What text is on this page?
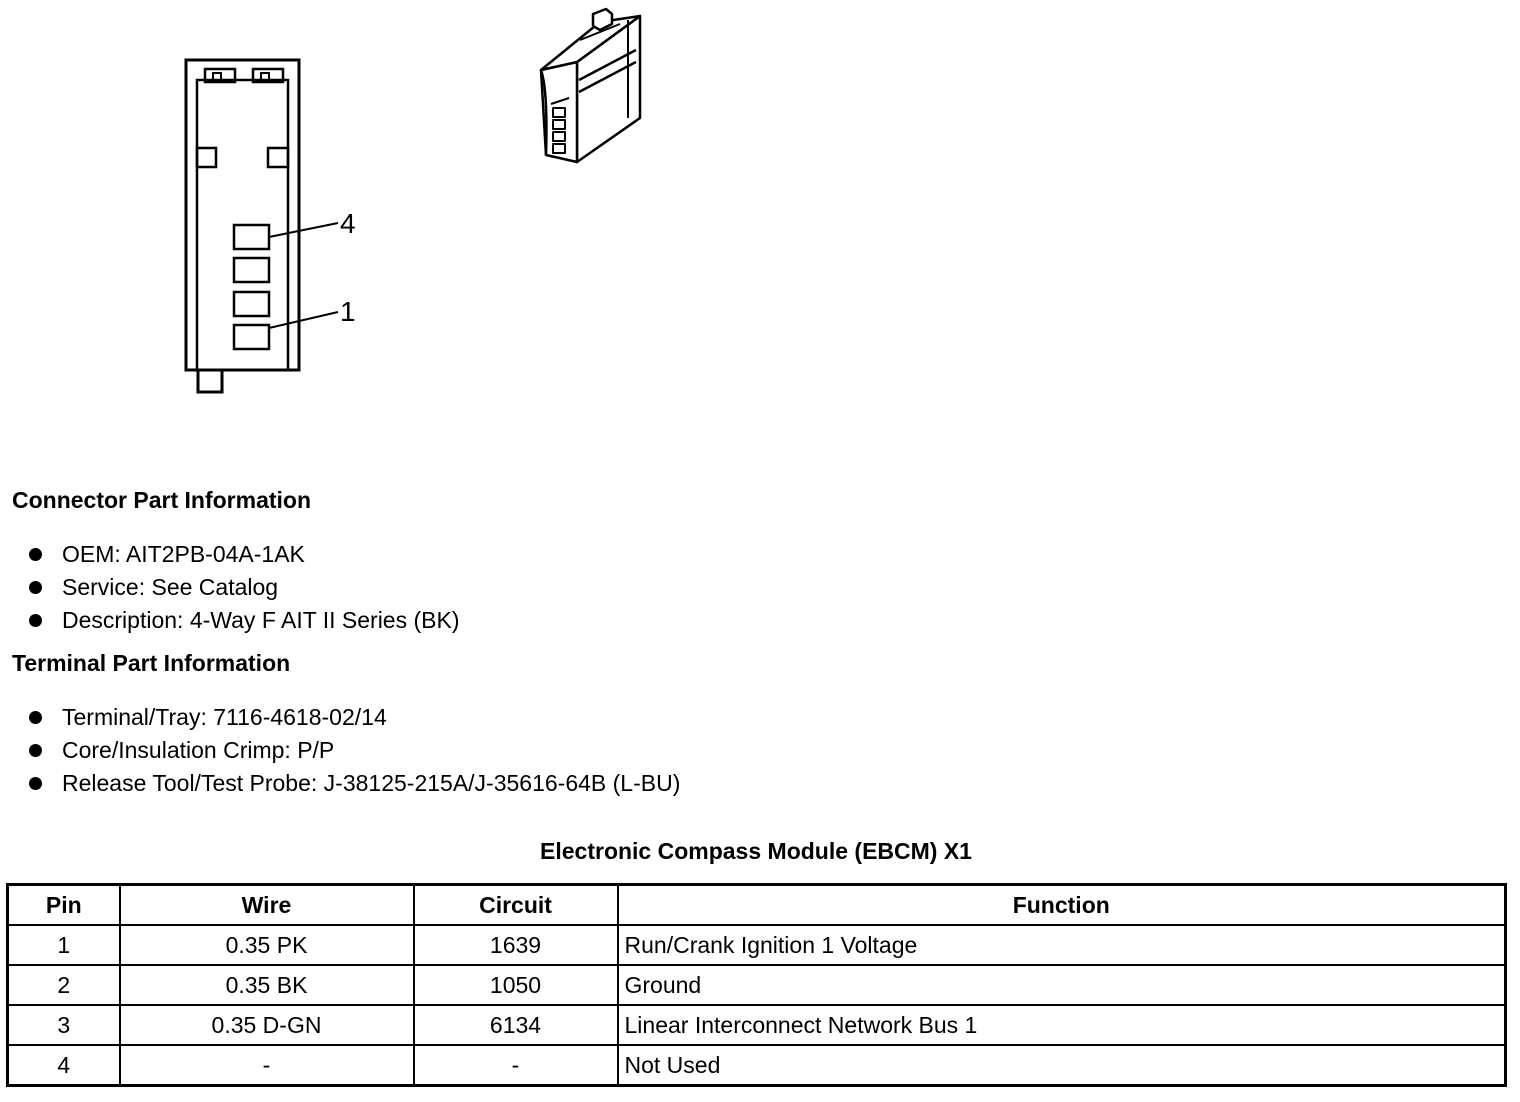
4
1
Connector Part Information
OEM: AIT2PB-04A-1AK
Service: See Catalog
Description: 4-Way F AIT II Series (BK)
Terminal Part Information
Terminal/Tray: 7116-4618-02/14
Core/Insulation Crimp: P/P
Release Tool/Test Probe: J-38125-215A/J-35616-64B (L-BU)
Electronic Compass Module (EBCM) X1
Pin	Wire	Circuit	Function
1	0.35 PK	1639	Run/Crank Ignition 1 Voltage
2	0.35 BK	1050	Ground
3	0.35 D-GN	6134	Linear Interconnect Network Bus 1
4	-	-	Not Used
